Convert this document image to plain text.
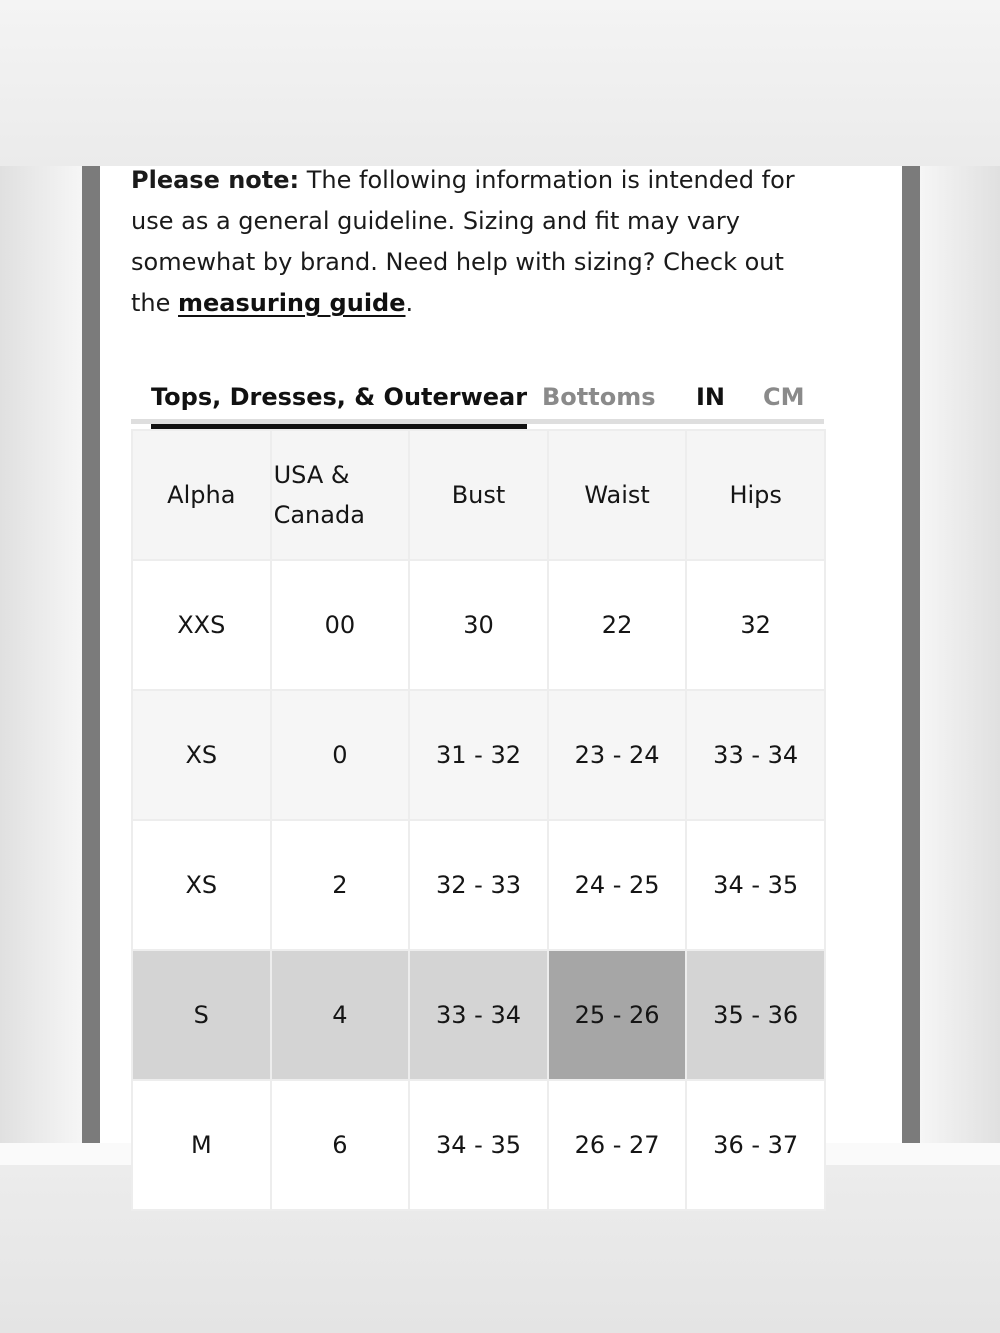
Please note: The following information is intended for use as a general guideline. Sizing and fit may vary somewhat by brand. Need help with sizing? Check out the measuring guide.

Tops, Dresses, & Outerwear Bottoms IN CM
Alpha	USA & Canada	Bust	Waist	Hips
XXS	00	30	22	32
XS	0	31 - 32	23 - 24	33 - 34
XS	2	32 - 33	24 - 25	34 - 35
S	4	33 - 34	25 - 26	35 - 36
M	6	34 - 35	26 - 27	36 - 37
